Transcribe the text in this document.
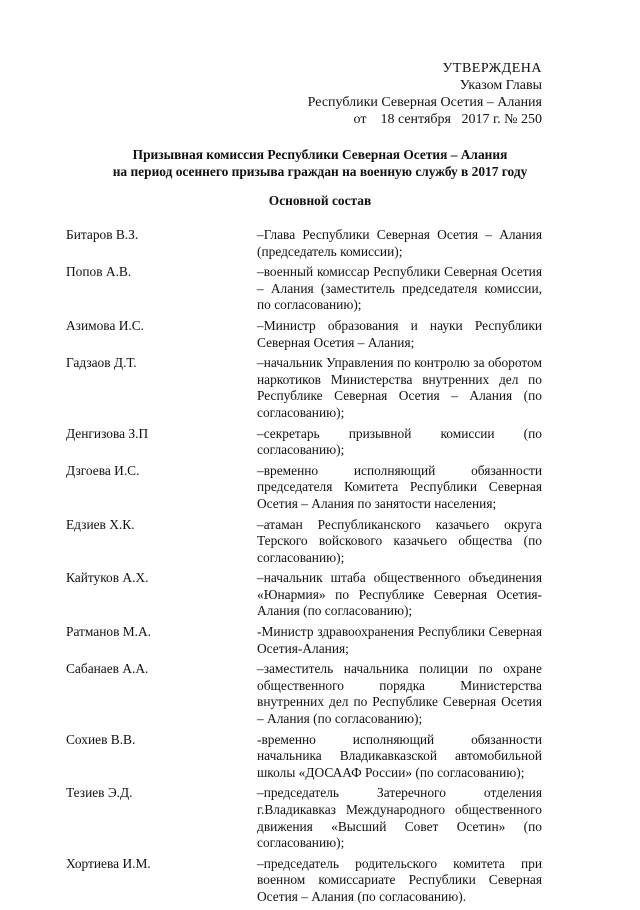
УТВЕРЖДЕНА
Указом Главы
Республики Северная Осетия – Алания
от    18 сентября   2017 г. № 250
Призывная комиссия Республики Северная Осетия – Алания
на период осеннего призыва граждан на военную службу в 2017 году
Основной состав
Битаров В.З.	–Глава Республики Северная Осетия – Алания (председатель комиссии);
Попов А.В.	–военный комиссар Республики Северная Осетия – Алания (заместитель председателя комиссии, по согласованию);
Азимова И.С.	–Министр образования и науки Республики Северная Осетия – Алания;
Гадзаов Д.Т.	–начальник Управления по контролю за оборотом наркотиков Министерства внутренних дел по Республике Северная Осетия – Алания (по согласованию);
Денгизова З.П	–секретарь призывной комиссии (по согласованию);
Дзгоева И.С.	–временно исполняющий обязанности председателя Комитета Республики Северная Осетия – Алания по занятости населения;
Едзиев Х.К.	–атаман Республиканского казачьего округа Терского войскового казачьего общества (по согласованию);
Кайтуков А.Х.	–начальник штаба общественного объединения «Юнармия» по Республике Северная Осетия-Алания (по согласованию);
Ратманов М.А.	-Министр здравоохранения Республики Северная Осетия-Алания;
Сабанаев А.А.	–заместитель начальника полиции по охране общественного порядка Министерства внутренних дел по Республике Северная Осетия – Алания (по согласованию);
Сохиев В.В.	-временно исполняющий обязанности начальника Владикавказской автомобильной школы «ДОСААФ России» (по согласованию);
Тезиев Э.Д.	–председатель Затеречного отделения г.Владикавказ Международного общественного движения «Высший Совет Осетин» (по согласованию);
Хортиева И.М.	–председатель родительского комитета при военном комиссариате Республики Северная Осетия – Алания (по согласованию).
